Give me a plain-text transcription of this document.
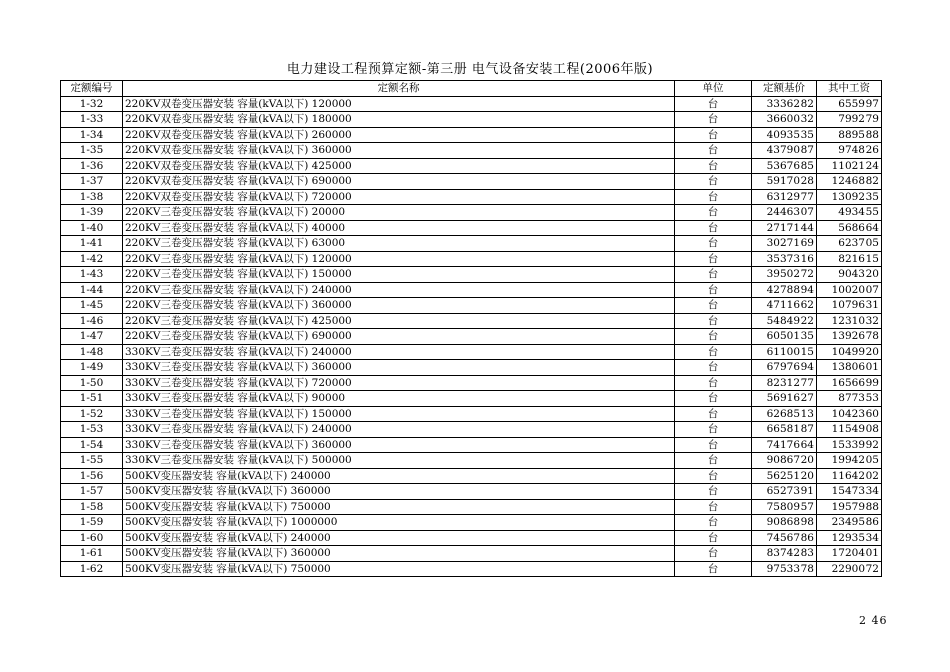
电力建设工程预算定额-第三册 电气设备安装工程(2006年版)
定额编号	定额名称	单位	定额基价	其中工资
1-32	220KV双卷变压器安装 容量(kVA以下) 120000	台	3336282	655997
1-33	220KV双卷变压器安装 容量(kVA以下) 180000	台	3660032	799279
1-34	220KV双卷变压器安装 容量(kVA以下) 260000	台	4093535	889588
1-35	220KV双卷变压器安装 容量(kVA以下) 360000	台	4379087	974826
1-36	220KV双卷变压器安装 容量(kVA以下) 425000	台	5367685	1102124
1-37	220KV双卷变压器安装 容量(kVA以下) 690000	台	5917028	1246882
1-38	220KV双卷变压器安装 容量(kVA以下) 720000	台	6312977	1309235
1-39	220KV三卷变压器安装 容量(kVA以下) 20000	台	2446307	493455
1-40	220KV三卷变压器安装 容量(kVA以下) 40000	台	2717144	568664
1-41	220KV三卷变压器安装 容量(kVA以下) 63000	台	3027169	623705
1-42	220KV三卷变压器安装 容量(kVA以下) 120000	台	3537316	821615
1-43	220KV三卷变压器安装 容量(kVA以下) 150000	台	3950272	904320
1-44	220KV三卷变压器安装 容量(kVA以下) 240000	台	4278894	1002007
1-45	220KV三卷变压器安装 容量(kVA以下) 360000	台	4711662	1079631
1-46	220KV三卷变压器安装 容量(kVA以下) 425000	台	5484922	1231032
1-47	220KV三卷变压器安装 容量(kVA以下) 690000	台	6050135	1392678
1-48	330KV三卷变压器安装 容量(kVA以下) 240000	台	6110015	1049920
1-49	330KV三卷变压器安装 容量(kVA以下) 360000	台	6797694	1380601
1-50	330KV三卷变压器安装 容量(kVA以下) 720000	台	8231277	1656699
1-51	330KV三卷变压器安装 容量(kVA以下) 90000	台	5691627	877353
1-52	330KV三卷变压器安装 容量(kVA以下) 150000	台	6268513	1042360
1-53	330KV三卷变压器安装 容量(kVA以下) 240000	台	6658187	1154908
1-54	330KV三卷变压器安装 容量(kVA以下) 360000	台	7417664	1533992
1-55	330KV三卷变压器安装 容量(kVA以下) 500000	台	9086720	1994205
1-56	500KV变压器安装 容量(kVA以下) 240000	台	5625120	1164202
1-57	500KV变压器安装 容量(kVA以下) 360000	台	6527391	1547334
1-58	500KV变压器安装 容量(kVA以下) 750000	台	7580957	1957988
1-59	500KV变压器安装 容量(kVA以下) 1000000	台	9086898	2349586
1-60	500KV变压器安装 容量(kVA以下) 240000	台	7456786	1293534
1-61	500KV变压器安装 容量(kVA以下) 360000	台	8374283	1720401
1-62	500KV变压器安装 容量(kVA以下) 750000	台	9753378	2290072
2 46
